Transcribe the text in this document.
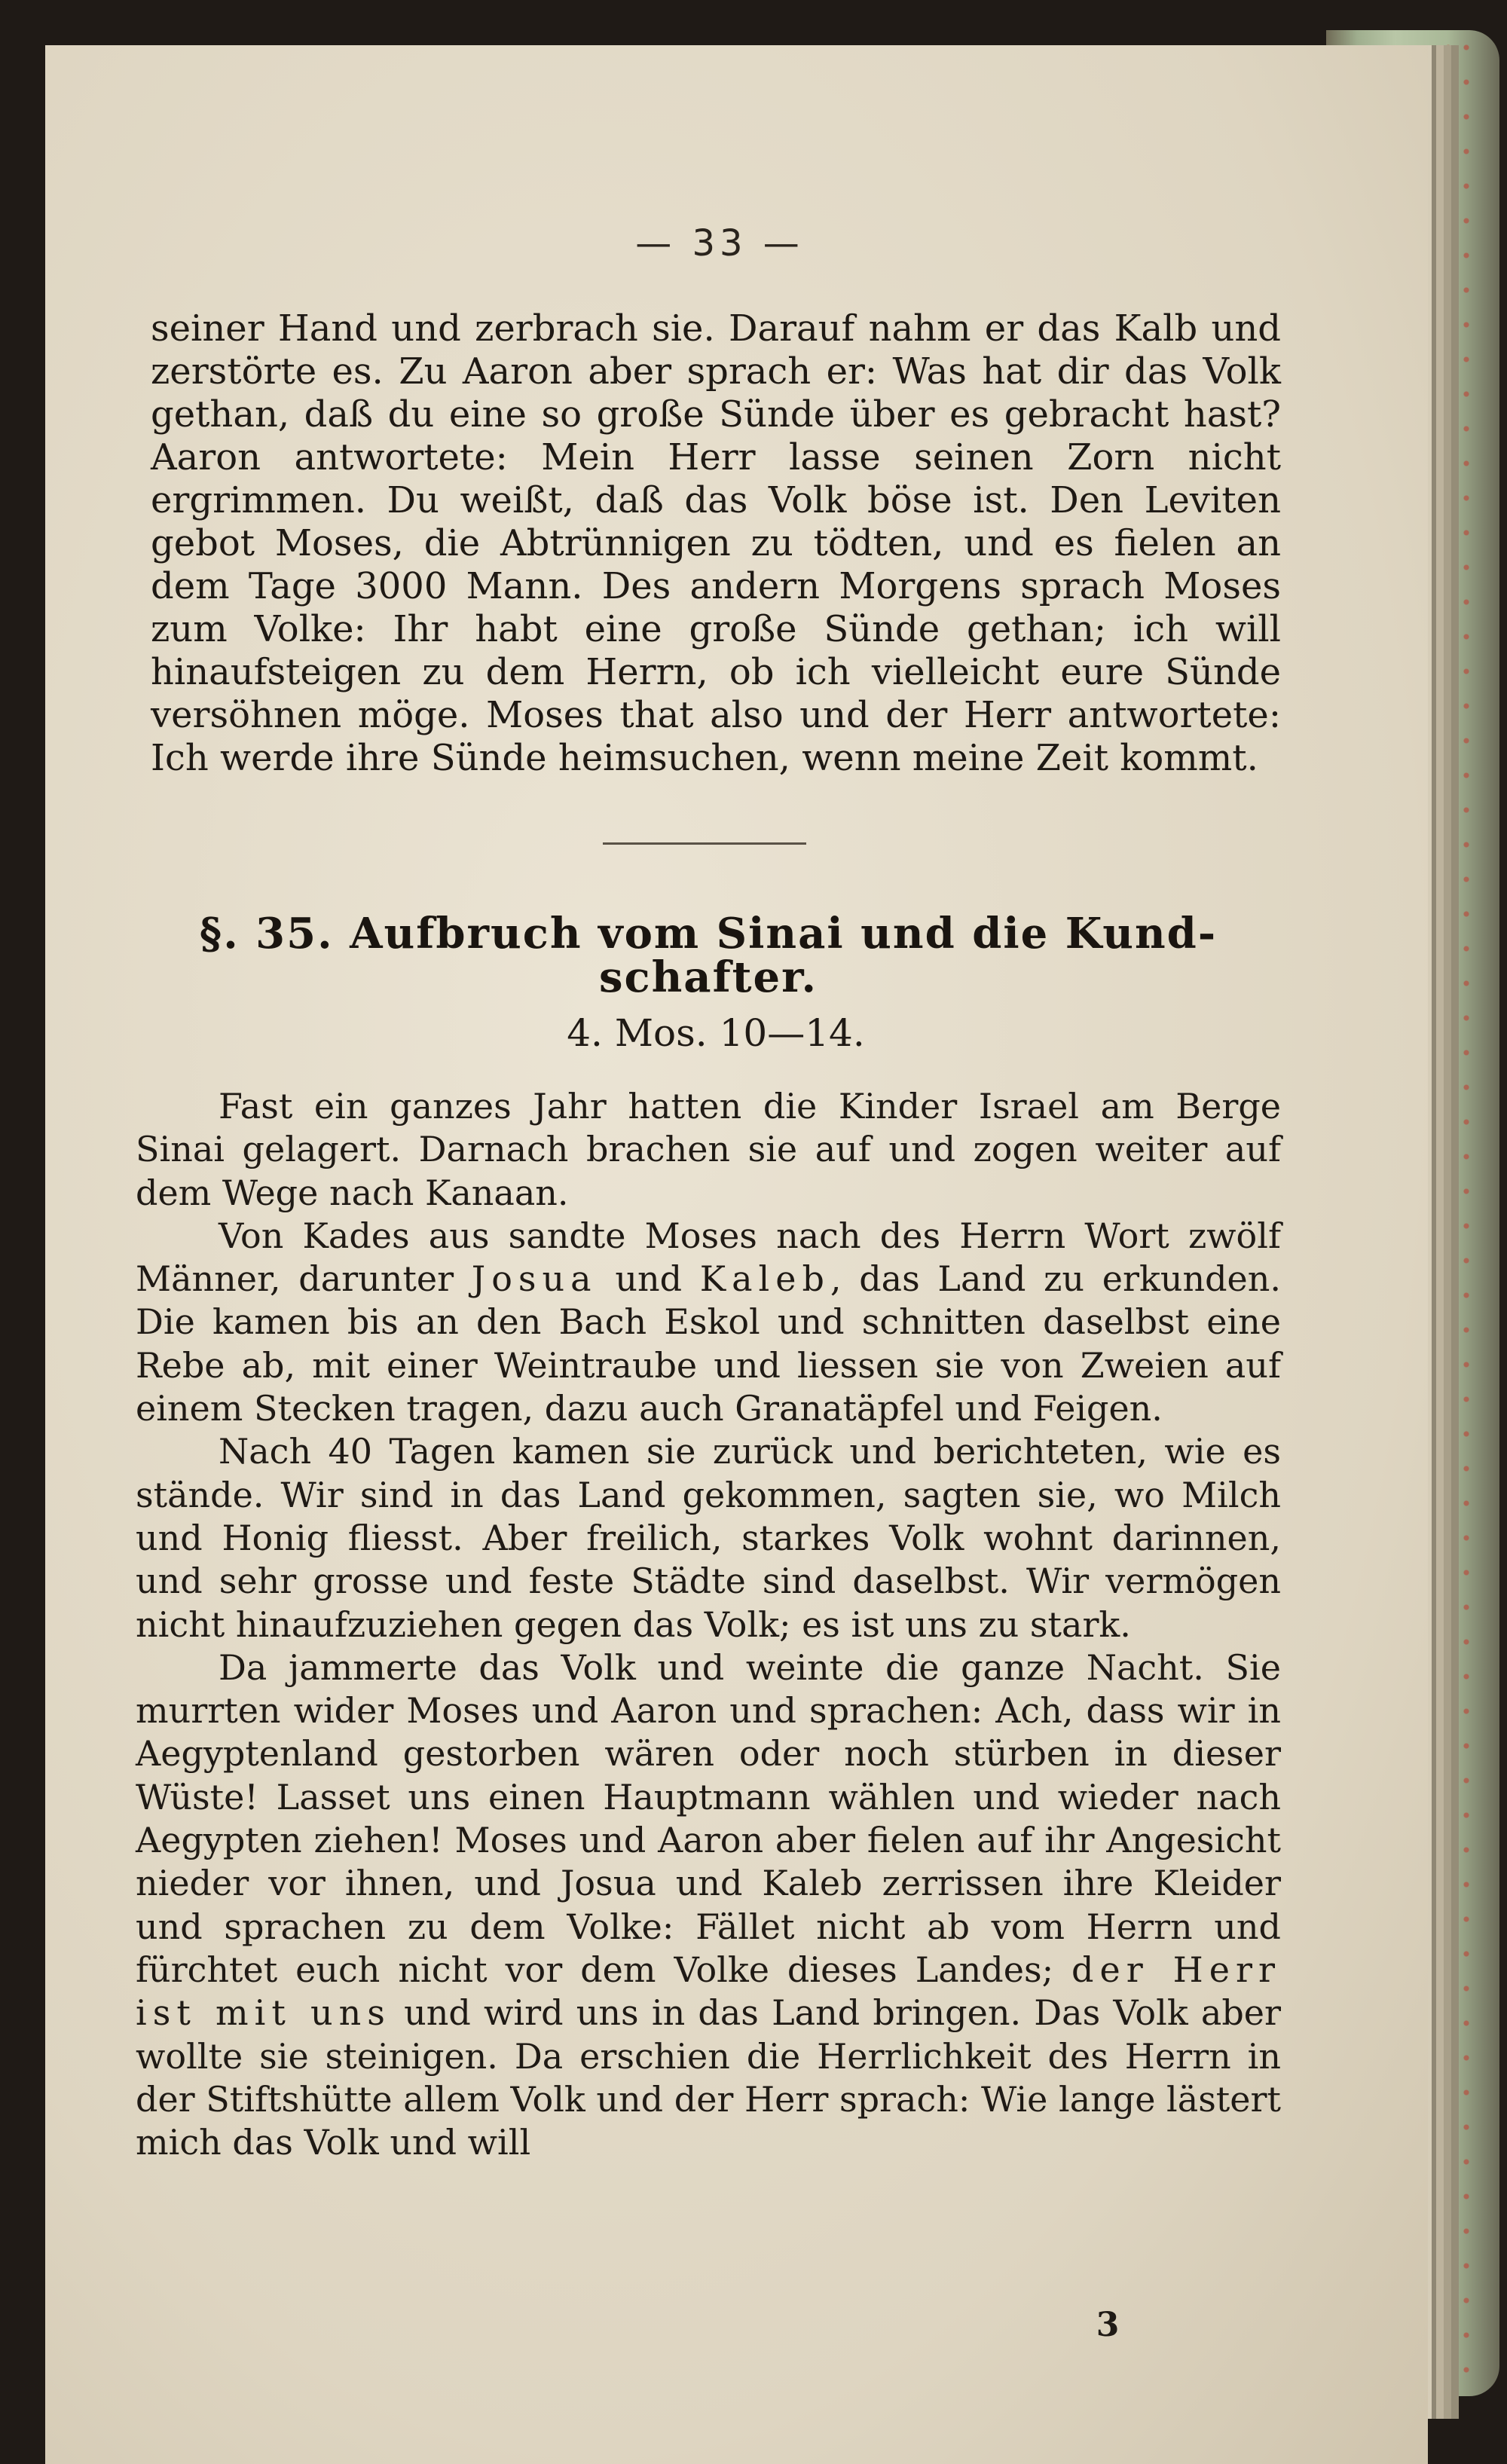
— 33 —

seiner Hand und zerbrach sie. Darauf nahm er das Kalb und zerstörte es. Zu Aaron aber sprach er: Was hat dir das Volk gethan, daß du eine so große Sünde über es gebracht hast? Aaron antwortete: Mein Herr lasse seinen Zorn nicht ergrimmen. Du weißt, daß das Volk böse ist. Den Leviten gebot Moses, die Abtrünnigen zu tödten, und es fielen an dem Tage 3000 Mann. Des andern Morgens sprach Moses zum Volke: Ihr habt eine große Sünde gethan; ich will hinaufsteigen zu dem Herrn, ob ich vielleicht eure Sünde versöhnen möge. Moses that also und der Herr antwortete: Ich werde ihre Sünde heimsuchen, wenn meine Zeit kommt.

§. 35. Aufbruch vom Sinai und die Kund-
schafter.
4. Mos. 10—14.

Fast ein ganzes Jahr hatten die Kinder Israel am Berge Sinai gelagert. Darnach brachen sie auf und zogen weiter auf dem Wege nach Kanaan.

Von Kades aus sandte Moses nach des Herrn Wort zwölf Männer, darunter Josua und Kaleb, das Land zu erkunden. Die kamen bis an den Bach Eskol und schnitten daselbst eine Rebe ab, mit einer Weintraube und liessen sie von Zweien auf einem Stecken tragen, dazu auch Granatäpfel und Feigen.

Nach 40 Tagen kamen sie zurück und berichteten, wie es stände. Wir sind in das Land gekommen, sagten sie, wo Milch und Honig fliesst. Aber freilich, starkes Volk wohnt darinnen, und sehr grosse und feste Städte sind daselbst. Wir vermögen nicht hinaufzuziehen gegen das Volk; es ist uns zu stark.

Da jammerte das Volk und weinte die ganze Nacht. Sie murrten wider Moses und Aaron und sprachen: Ach, dass wir in Aegyptenland gestorben wären oder noch stürben in dieser Wüste! Lasset uns einen Hauptmann wählen und wieder nach Aegypten ziehen! Moses und Aaron aber fielen auf ihr Angesicht nieder vor ihnen, und Josua und Kaleb zerrissen ihre Kleider und sprachen zu dem Volke: Fället nicht ab vom Herrn und fürchtet euch nicht vor dem Volke dieses Landes; der Herr ist mit uns und wird uns in das Land bringen. Das Volk aber wollte sie steinigen. Da erschien die Herrlichkeit des Herrn in der Stiftshütte allem Volk und der Herr sprach: Wie lange lästert mich das Volk und will

3
